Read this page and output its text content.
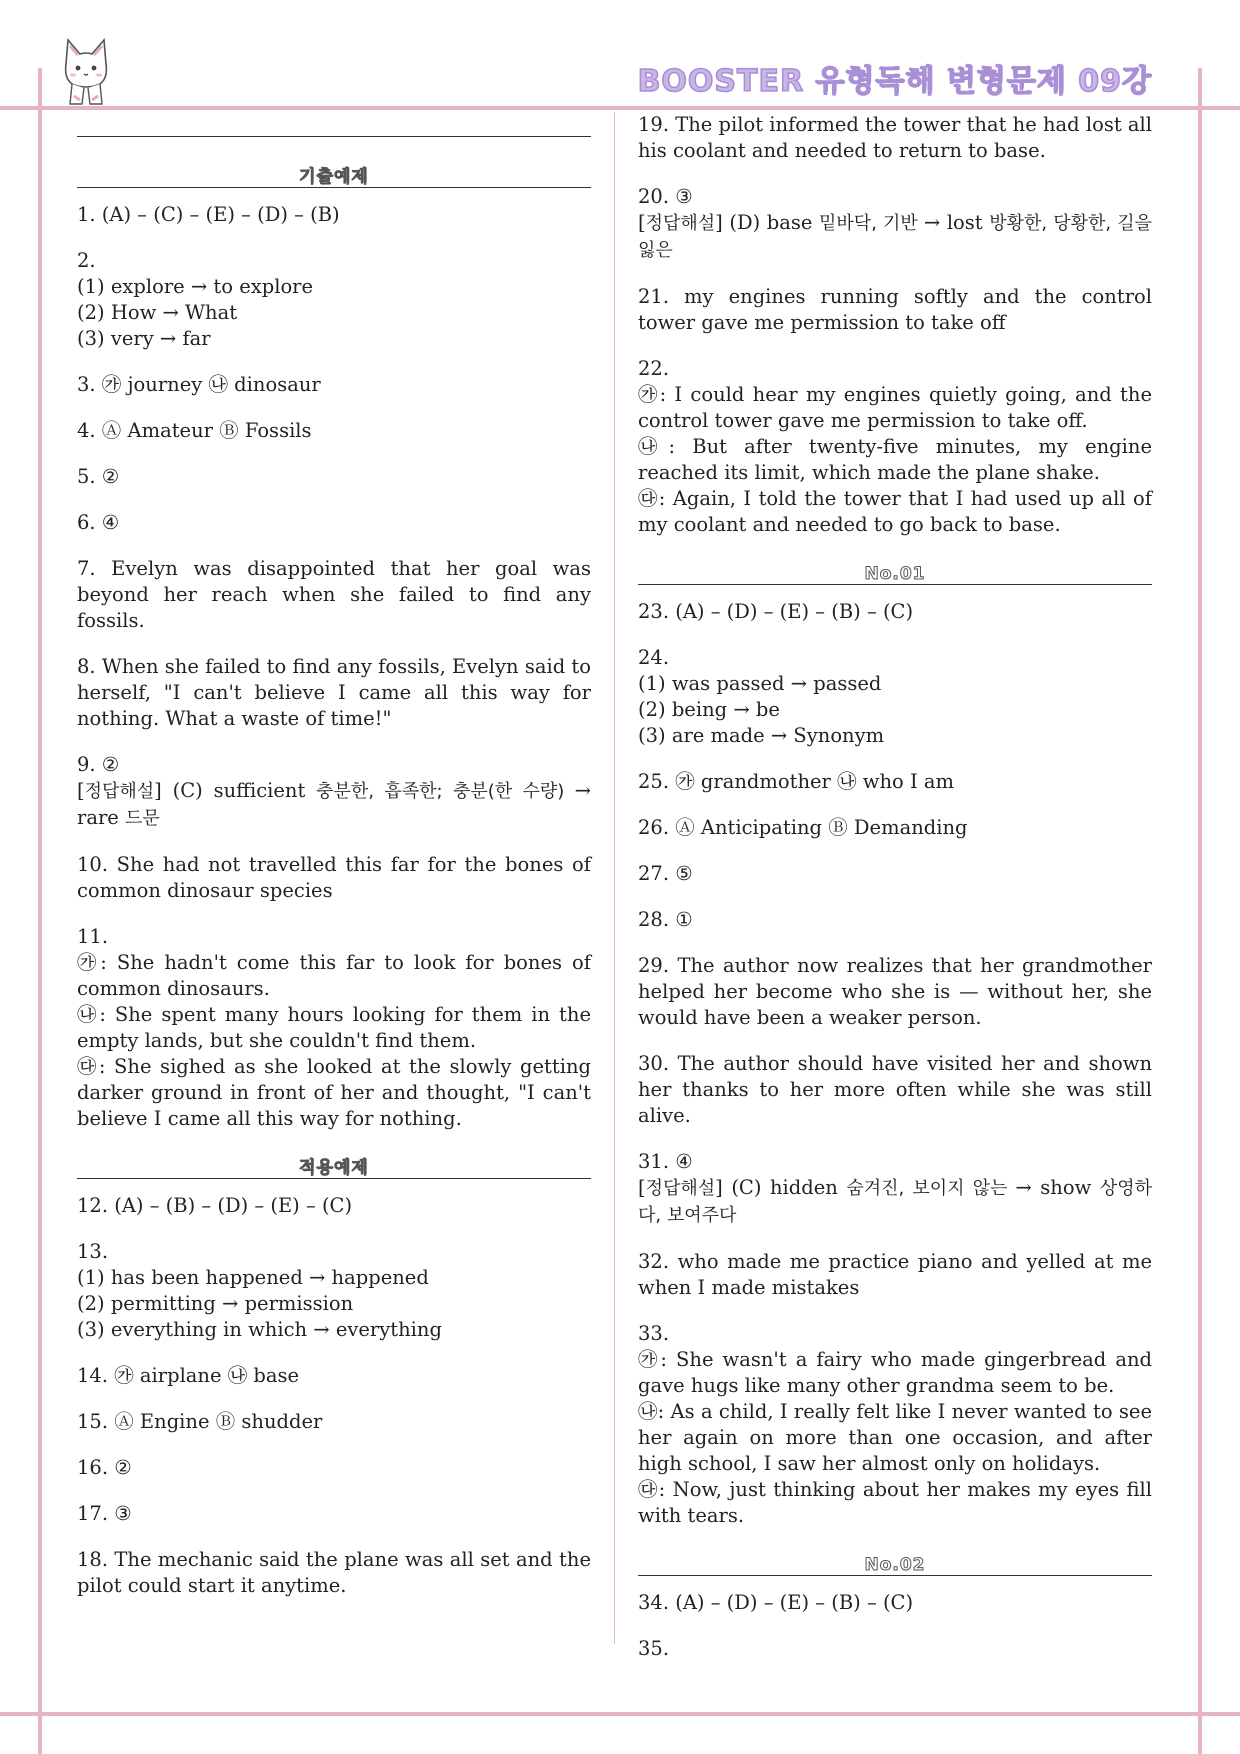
BOOSTER 유형독해 변형문제 09강
기출예제
1. (A) – (C) – (E) – (D) – (B)
2.
(1) explore → to explore
(2) How → What
(3) very → far
3. ㉮ journey ㉯ dinosaur
4. Ⓐ Amateur Ⓑ Fossils
5. ②
6. ④
7. Evelyn was disappointed that her goal was beyond her reach when she failed to find any fossils.
8. When she failed to find any fossils, Evelyn said to herself, "I can't believe I came all this way for nothing. What a waste of time!"
9. ②
[정답해설] (C) sufficient 충분한, 흡족한; 충분(한 수량) → rare 드문
10. She had not travelled this far for the bones of common dinosaur species
11.
㉮: She hadn't come this far to look for bones of common dinosaurs.
㉯: She spent many hours looking for them in the empty lands, but she couldn't find them.
㉰: She sighed as she looked at the slowly getting darker ground in front of her and thought, "I can't believe I came all this way for nothing.
적용예제
12. (A) – (B) – (D) – (E) – (C)
13.
(1) has been happened → happened
(2) permitting → permission
(3) everything in which → everything
14. ㉮ airplane ㉯ base
15. Ⓐ Engine Ⓑ shudder
16. ②
17. ③
18. The mechanic said the plane was all set and the pilot could start it anytime.
19. The pilot informed the tower that he had lost all his coolant and needed to return to base.
20. ③
[정답해설] (D) base 밑바닥, 기반 → lost 방황한, 당황한, 길을 잃은
21. my engines running softly and the control tower gave me permission to take off
22.
㉮: I could hear my engines quietly going, and the control tower gave me permission to take off.
㉯: But after twenty-five minutes, my engine reached its limit, which made the plane shake.
㉰: Again, I told the tower that I had used up all of my coolant and needed to go back to base.
No.01
23. (A) – (D) – (E) – (B) – (C)
24.
(1) was passed → passed
(2) being → be
(3) are made → Synonym
25. ㉮ grandmother ㉯ who I am
26. Ⓐ Anticipating Ⓑ Demanding
27. ⑤
28. ①
29. The author now realizes that her grandmother helped her become who she is — without her, she would have been a weaker person.
30. The author should have visited her and shown her thanks to her more often while she was still alive.
31. ④
[정답해설] (C) hidden 숨겨진, 보이지 않는 → show 상영하다, 보여주다
32. who made me practice piano and yelled at me when I made mistakes
33.
㉮: She wasn't a fairy who made gingerbread and gave hugs like many other grandma seem to be.
㉯: As a child, I really felt like I never wanted to see her again on more than one occasion, and after high school, I saw her almost only on holidays.
㉰: Now, just thinking about her makes my eyes fill with tears.
No.02
34. (A) – (D) – (E) – (B) – (C)
35.
